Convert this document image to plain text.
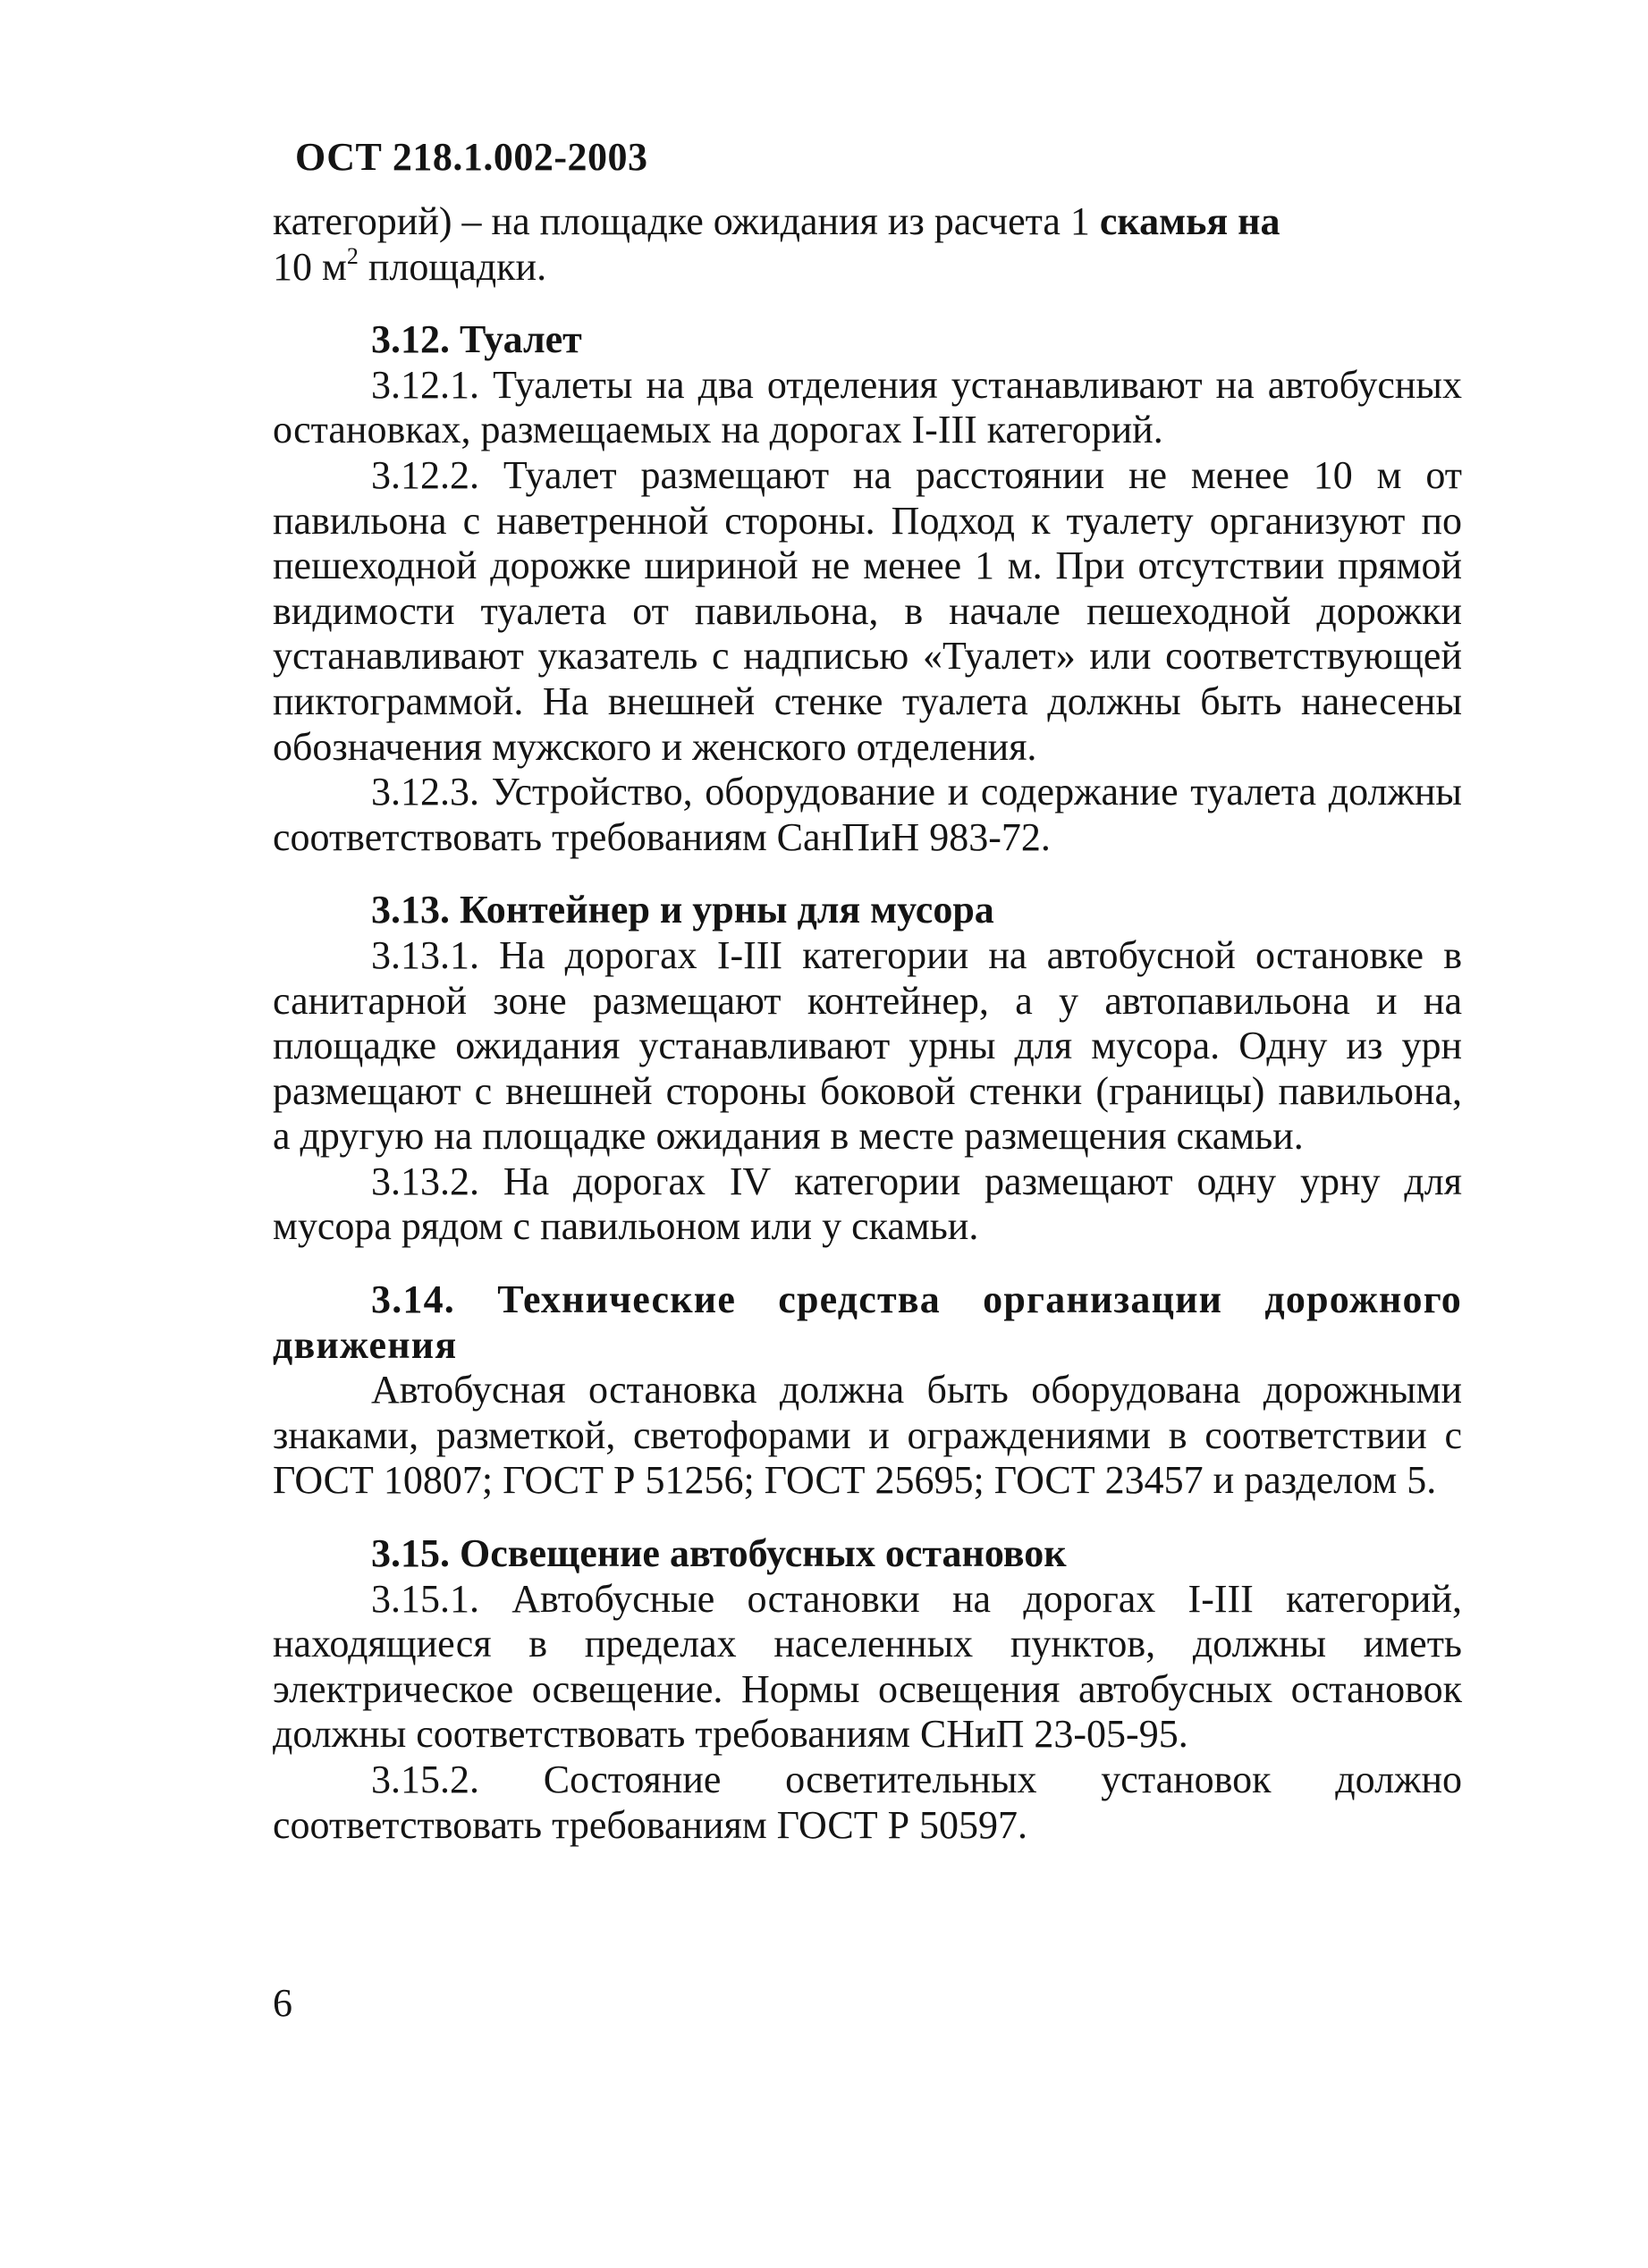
ОСТ 218.1.002-2003

категорий) – на площадке ожидания из расчета 1 скамья на
10 $м^2$ площадки.

3.12. Туалет

3.12.1. Туалеты на два отделения устанавливают на автобусных остановках, размещаемых на дорогах I-III категорий.

3.12.2. Туалет размещают на расстоянии не менее 10 м от павильона с наветренной стороны. Подход к туалету организуют по пешеходной дорожке шириной не менее 1 м. При отсутствии прямой видимости туалета от павильона, в начале пешеходной дорожки устанавливают указатель с надписью «Туалет» или соответствующей пиктограммой. На внешней стенке туалета должны быть нанесены обозначения мужского и женского отделения.

3.12.3. Устройство, оборудование и содержание туалета должны соответствовать требованиям СанПиН 983-72.

3.13. Контейнер и урны для мусора

3.13.1. На дорогах I-III категории на автобусной остановке в санитарной зоне размещают контейнер, а у автопавильона и на площадке ожидания устанавливают урны для мусора. Одну из урн размещают с внешней стороны боковой стенки (границы) павильона, а другую на площадке ожидания в месте размещения скамьи.

3.13.2. На дорогах IV категории размещают одну урну для мусора рядом с павильоном или у скамьи.

3.14. Технические средства организации дорожного движения

Автобусная остановка должна быть оборудована дорожными знаками, разметкой, светофорами и ограждениями в соответствии с ГОСТ 10807; ГОСТ Р 51256; ГОСТ 25695; ГОСТ 23457 и разделом 5.

3.15. Освещение автобусных остановок

3.15.1. Автобусные остановки на дорогах I-III категорий, находящиеся в пределах населенных пунктов, должны иметь электрическое освещение. Нормы освещения автобусных остановок должны соответствовать требованиям СНиП 23-05-95.

3.15.2. Состояние осветительных установок должно соответствовать требованиям ГОСТ Р 50597.

6
